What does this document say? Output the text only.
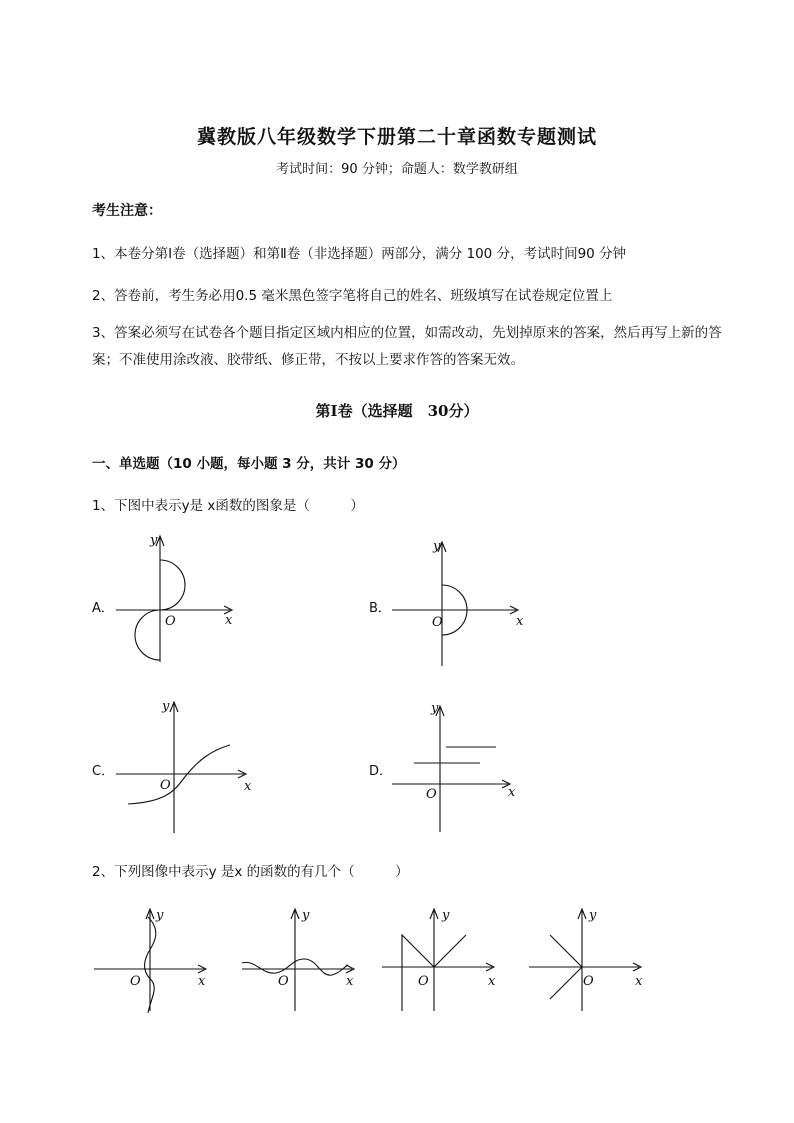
冀教版八年级数学下册第二十章函数专题测试
考试时间：90 分钟；命题人：数学教研组
考生注意：
1、本卷分第Ⅰ卷（选择题）和第Ⅱ卷（非选择题）两部分，满分 100 分，考试时间90 分钟
2、答卷前，考生务必用0.5 毫米黑色签字笔将自己的姓名、班级填写在试卷规定位置上
3、答案必须写在试卷各个题目指定区域内相应的位置，如需改动，先划掉原来的答案，然后再写上新的答案；不准使用涂改液、胶带纸、修正带，不按以上要求作答的答案无效。
第Ⅰ卷（选择题　30分）
一、单选题（10 小题，每小题 3 分，共计 30 分）
1、下图中表示y是 x函数的图象是（　　　）
A．
y
x
O
B．
y
x
O
C．
y
x
O
D．
y
x
O
2、下列图像中表示y 是x 的函数的有几个（　　　）
y
x
O
y
x
O
y
x
O
y
x
O
